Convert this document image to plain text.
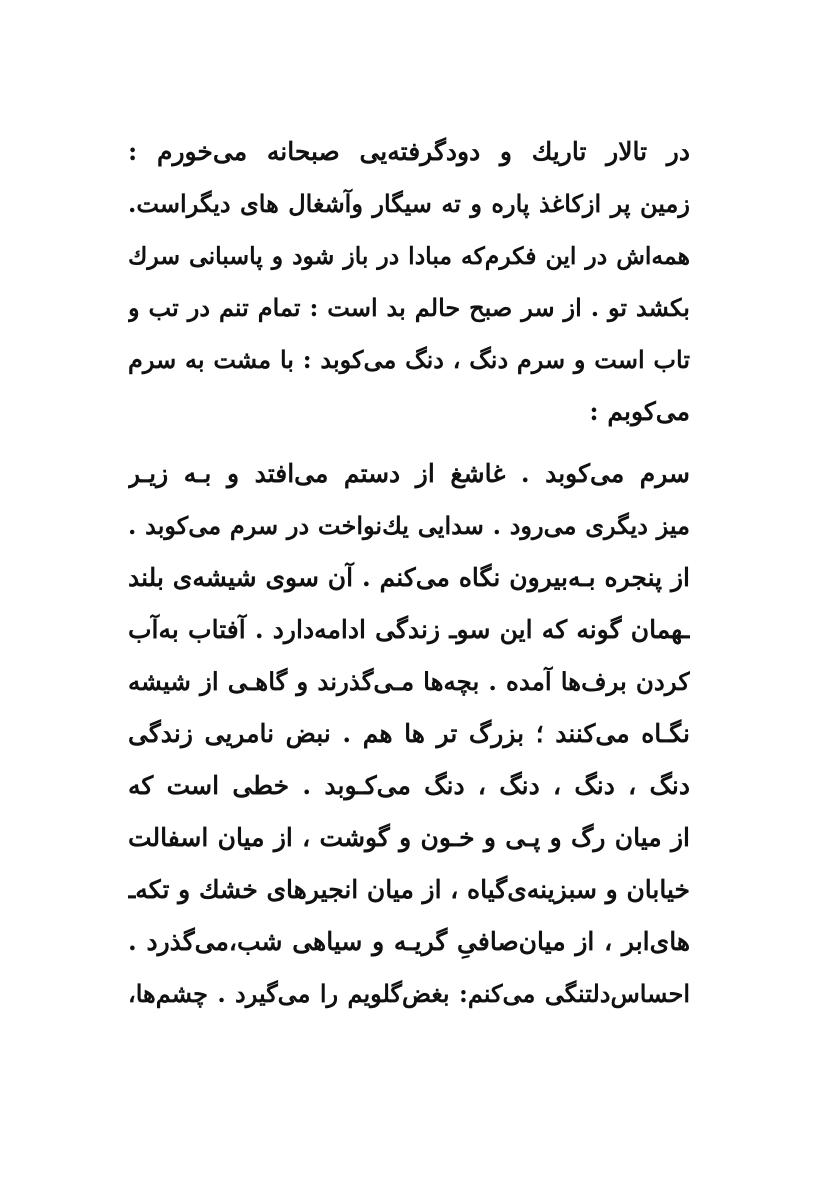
در تالار تاریك و دودگرفته‌یی صبحانه می‌خورم :
زمین پر ازکاغذ پاره و ته سیگار وآشغال های دیگراست.
همه‌اش در این فکرم‌که مبادا در باز شود و پاسبانی سرك
بکشد تو . از سر صبح حالم بد است : تمام تنم در تب و
تاب است و سرم دنگ ، دنگ می‌کوبد : با مشت به سرم
می‌کوبم :
سرم می‌کوبد . غاشغ از دستم می‌افتد و بـه زیـر
میز دیگری می‌رود . سدایی یك‌نواخت در سرم می‌کوبد .
از پنجره بـه‌بیرون نگاه می‌کنم . آن سوی شیشه‌ی بلند
ـهمان گونه که این سوـ زندگی ادامه‌دارد . آفتاب به‌آب
کردن برف‌ها آمده . بچه‌ها مـی‌گذرند و گاهـی از شیشه
نگـاه می‌کنند ؛ بزرگ تر ها هم . نبض نامریی زندگی
دنگ ، دنگ ، دنگ ، دنگ می‌کـوبد . خطی است که
از میان رگ و پـی و خـون و گوشت ، از میان اسفالت
خیابان و سبزینه‌ی‌گیاه ، از میان انجیرهای خشك و تکه‌ـ
های‌ابر ، از میان‌صافی‌ِ گریـه و سیاهی شب،می‌گذرد .
احساس‌دلتنگی می‌کنم: بغض‌گلویم را می‌گیرد . چشم‌ها،
